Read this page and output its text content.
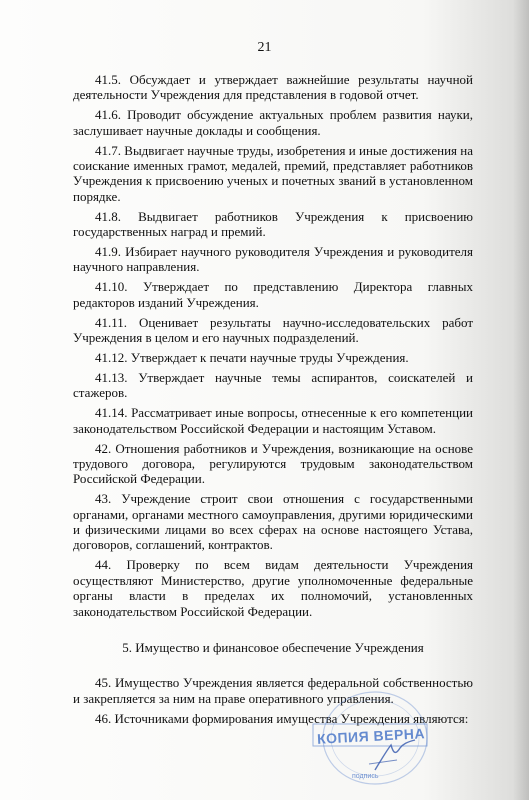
21

41.5. Обсуждает и утверждает важнейшие результаты научной деятельности Учреждения для представления в годовой отчет.

41.6. Проводит обсуждение актуальных проблем развития науки, заслушивает научные доклады и сообщения.

41.7. Выдвигает научные труды, изобретения и иные достижения на соискание именных грамот, медалей, премий, представляет работников Учреждения к присвоению ученых и почетных званий в установленном порядке.

41.8. Выдвигает работников Учреждения к присвоению государственных наград и премий.

41.9. Избирает научного руководителя Учреждения и руководителя научного направления.

41.10. Утверждает по представлению Директора главных редакторов изданий Учреждения.

41.11. Оценивает результаты научно-исследовательских работ Учреждения в целом и его научных подразделений.

41.12. Утверждает к печати научные труды Учреждения.

41.13. Утверждает научные темы аспирантов, соискателей и стажеров.

41.14. Рассматривает иные вопросы, отнесенные к его компетенции законодательством Российской Федерации и настоящим Уставом.

42. Отношения работников и Учреждения, возникающие на основе трудового договора, регулируются трудовым законодательством Российской Федерации.

43. Учреждение строит свои отношения с государственными органами, органами местного самоуправления, другими юридическими и физическими лицами во всех сферах на основе настоящего Устава, договоров, соглашений, контрактов.

44. Проверку по всем видам деятельности Учреждения осуществляют Министерство, другие уполномоченные федеральные органы власти в пределах их полномочий, установленных законодательством Российской Федерации.

5. Имущество и финансовое обеспечение Учреждения

45. Имущество Учреждения является федеральной собственностью и закрепляется за ним на праве оперативного управления.

46. Источниками формирования имущества Учреждения являются:

КОПИЯ ВЕРНА
подпись
